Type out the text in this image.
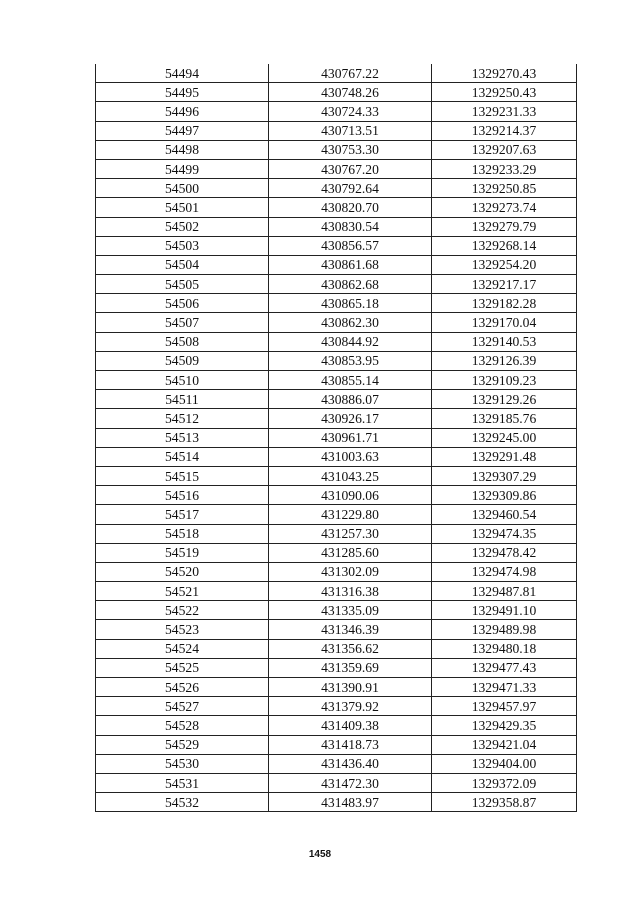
54494	430767.22	1329270.43
54495	430748.26	1329250.43
54496	430724.33	1329231.33
54497	430713.51	1329214.37
54498	430753.30	1329207.63
54499	430767.20	1329233.29
54500	430792.64	1329250.85
54501	430820.70	1329273.74
54502	430830.54	1329279.79
54503	430856.57	1329268.14
54504	430861.68	1329254.20
54505	430862.68	1329217.17
54506	430865.18	1329182.28
54507	430862.30	1329170.04
54508	430844.92	1329140.53
54509	430853.95	1329126.39
54510	430855.14	1329109.23
54511	430886.07	1329129.26
54512	430926.17	1329185.76
54513	430961.71	1329245.00
54514	431003.63	1329291.48
54515	431043.25	1329307.29
54516	431090.06	1329309.86
54517	431229.80	1329460.54
54518	431257.30	1329474.35
54519	431285.60	1329478.42
54520	431302.09	1329474.98
54521	431316.38	1329487.81
54522	431335.09	1329491.10
54523	431346.39	1329489.98
54524	431356.62	1329480.18
54525	431359.69	1329477.43
54526	431390.91	1329471.33
54527	431379.92	1329457.97
54528	431409.38	1329429.35
54529	431418.73	1329421.04
54530	431436.40	1329404.00
54531	431472.30	1329372.09
54532	431483.97	1329358.87
1458
